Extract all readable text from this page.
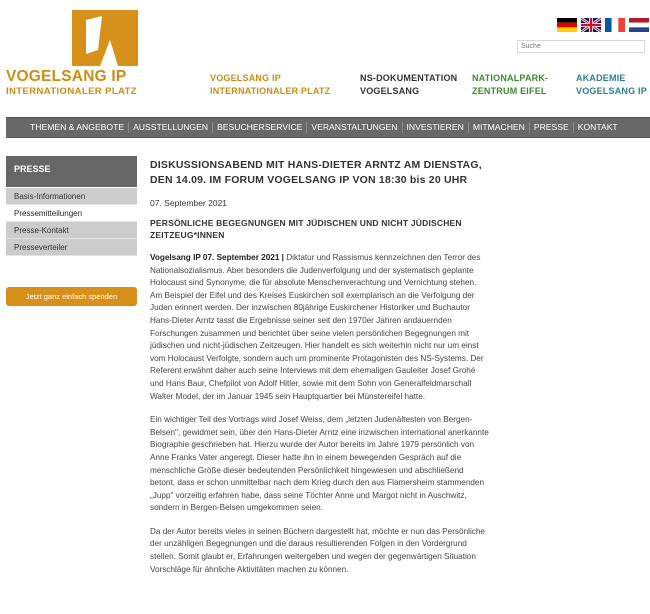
VOGELSANG IP
INTERNATIONALER PLATZ
Suche
VOGELSANG IP
INTERNATIONALER PLATZ
NS-DOKUMENTATION
VOGELSANG
NATIONALPARK-
ZENTRUM EIFEL
AKADEMIE
VOGELSANG IP
THEMEN & ANGEBOTE	AUSSTELLUNGEN	BESUCHERSERVICE	VERANSTALTUNGEN	INVESTIEREN	MITMACHEN	PRESSE	KONTAKT
PRESSE
Basis-Informationen
Pressemitteilungen
Presse-Kontakt
Presseverteiler
Jetzt ganz einfach spenden
DISKUSSIONSABEND MIT HANS-DIETER ARNTZ AM DIENSTAG, DEN 14.09. IM FORUM VOGELSANG IP VON 18:30 bis 20 UHR
07. September 2021
PERSÖNLICHE BEGEGNUNGEN MIT JÜDISCHEN UND NICHT JÜDISCHEN ZEITZEUG*INNEN

Vogelsang IP 07. September 2021 | Diktatur und Rassismus kennzeichnen den Terror des Nationalsozialismus. Aber besonders die Judenverfolgung und der systematisch geplante Holocaust sind Synonyme, die für absolute Menschenverachtung und Vernichtung stehen. Am Beispiel der Eifel und des Kreises Euskirchen soll exemplarisch an die Verfolgung der Juden erinnert werden. Der inzwischen 80jährige Euskirchener Historiker und Buchautor Hans-Dieter Arntz tasst die Ergebnisse seiner seit den 1970er Jahren andauernden Forschungen zusammen und berichtet über seine vielen persönlichen Begegnungen mit jüdischen und nicht-jüdischen Zeitzeugen. Hier handelt es sich weiterhin nicht nur um einst vom Holocaust Verfolgte, sondern auch um prominente Protagonisten des NS-Systems. Der Referent erwähnt daher auch seine Interviews mit dem ehemaligen Gauleiter Josef Grohé und Hans Baur, Chefpilot von Adolf Hitler, sowie mit dem Sohn von Generalfeldmarschall Walter Model, der im Januar 1945 sein Hauptquartier bei Münstereifel hatte.

Ein wichtiger Teil des Vortrags wird Josef Weiss, dem „letzten Judenältesten von Bergen-Belsen", gewidmet sein, über den Hans-Dieter Arntz eine inzwischen international anerkannte Biographie geschrieben hat. Hierzu wurde der Autor bereits im Jahre 1979 persönlich von Anne Franks Vater angeregt. Dieser hatte ihn in einem bewegenden Gespräch auf die menschliche Größe dieser bedeutenden Persönlichkeit hingewiesen und abschließend betont, dass er schon unmittelbar nach dem Krieg durch den aus Flamersheim stammenden „Jupp" vorzeitig erfahren habe, dass seine Töchter Anne und Margot nicht in Auschwitz, sondern in Bergen-Belsen umgekommen seien.

Da der Autor bereits vieles in seinen Büchern dargestellt hat, möchte er nun das Persönliche der unzähligen Begegnungen und die daraus resultierenden Folgen in den Vordergrund stellen. Somit glaubt er, Erfahrungen weitergeben und wegen der gegenwärtigen Situation Vorschläge für ähnliche Aktivitäten machen zu können.
